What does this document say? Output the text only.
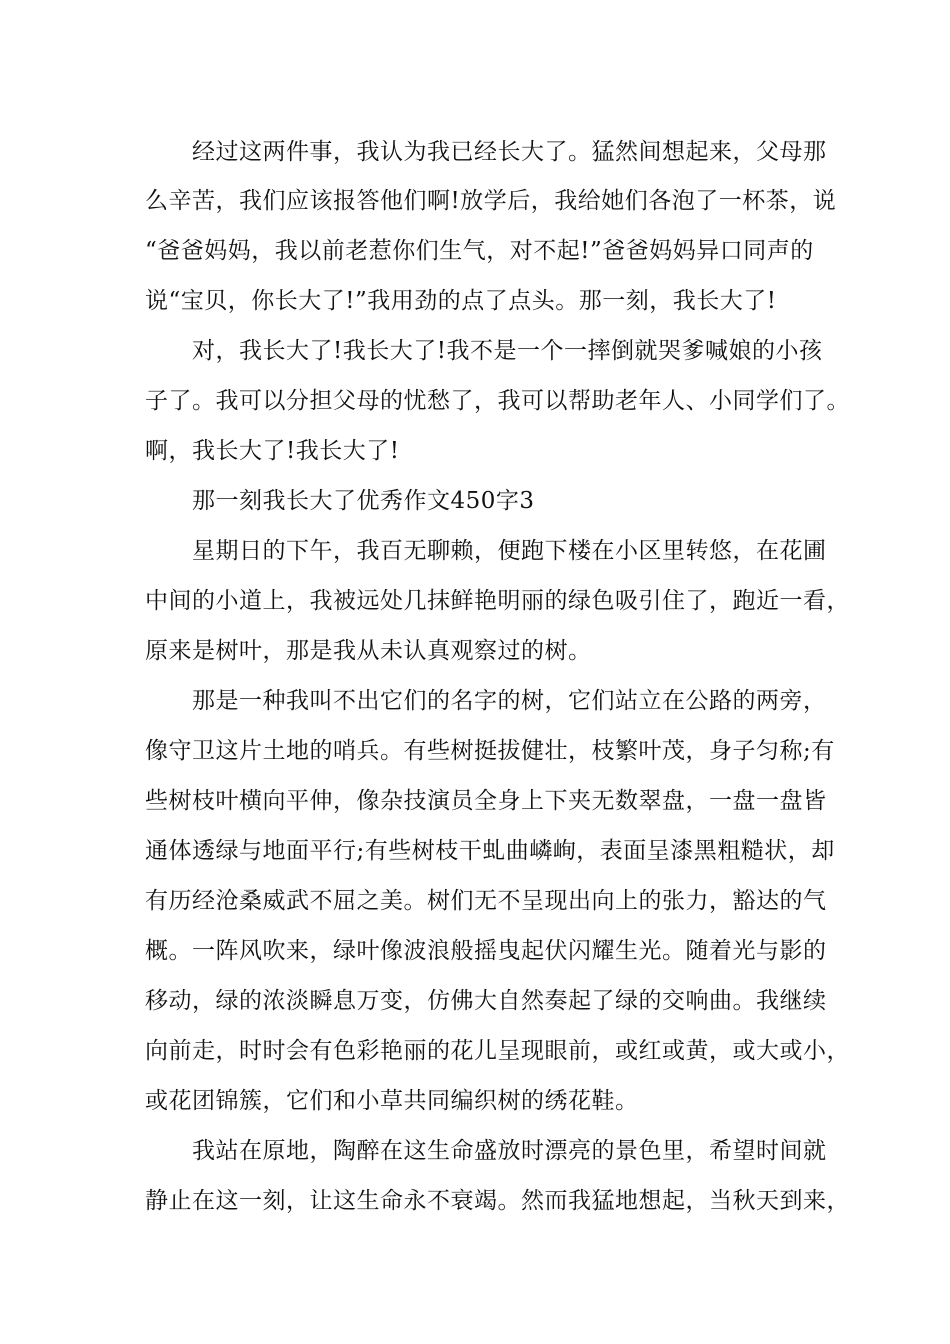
经过这两件事，我认为我已经长大了。猛然间想起来，父母那
么辛苦，我们应该报答他们啊!放学后，我给她们各泡了一杯茶，说
“爸爸妈妈，我以前老惹你们生气，对不起!”爸爸妈妈异口同声的
说“宝贝，你长大了!”我用劲的点了点头。那一刻，我长大了!
对，我长大了!我长大了!我不是一个一摔倒就哭爹喊娘的小孩
子了。我可以分担父母的忧愁了，我可以帮助老年人、小同学们了。
啊，我长大了!我长大了!
那一刻我长大了优秀作文450字3
星期日的下午，我百无聊赖，便跑下楼在小区里转悠，在花圃
中间的小道上，我被远处几抹鲜艳明丽的绿色吸引住了，跑近一看，
原来是树叶，那是我从未认真观察过的树。
那是一种我叫不出它们的名字的树，它们站立在公路的两旁，
像守卫这片土地的哨兵。有些树挺拔健壮，枝繁叶茂，身子匀称;有
些树枝叶横向平伸，像杂技演员全身上下夹无数翠盘，一盘一盘皆
通体透绿与地面平行;有些树枝干虬曲嶙峋，表面呈漆黑粗糙状，却
有历经沧桑威武不屈之美。树们无不呈现出向上的张力，豁达的气
概。一阵风吹来，绿叶像波浪般摇曳起伏闪耀生光。随着光与影的
移动，绿的浓淡瞬息万变，仿佛大自然奏起了绿的交响曲。我继续
向前走，时时会有色彩艳丽的花儿呈现眼前，或红或黄，或大或小，
或花团锦簇，它们和小草共同编织树的绣花鞋。
我站在原地，陶醉在这生命盛放时漂亮的景色里，希望时间就
静止在这一刻，让这生命永不衰竭。然而我猛地想起，当秋天到来，
